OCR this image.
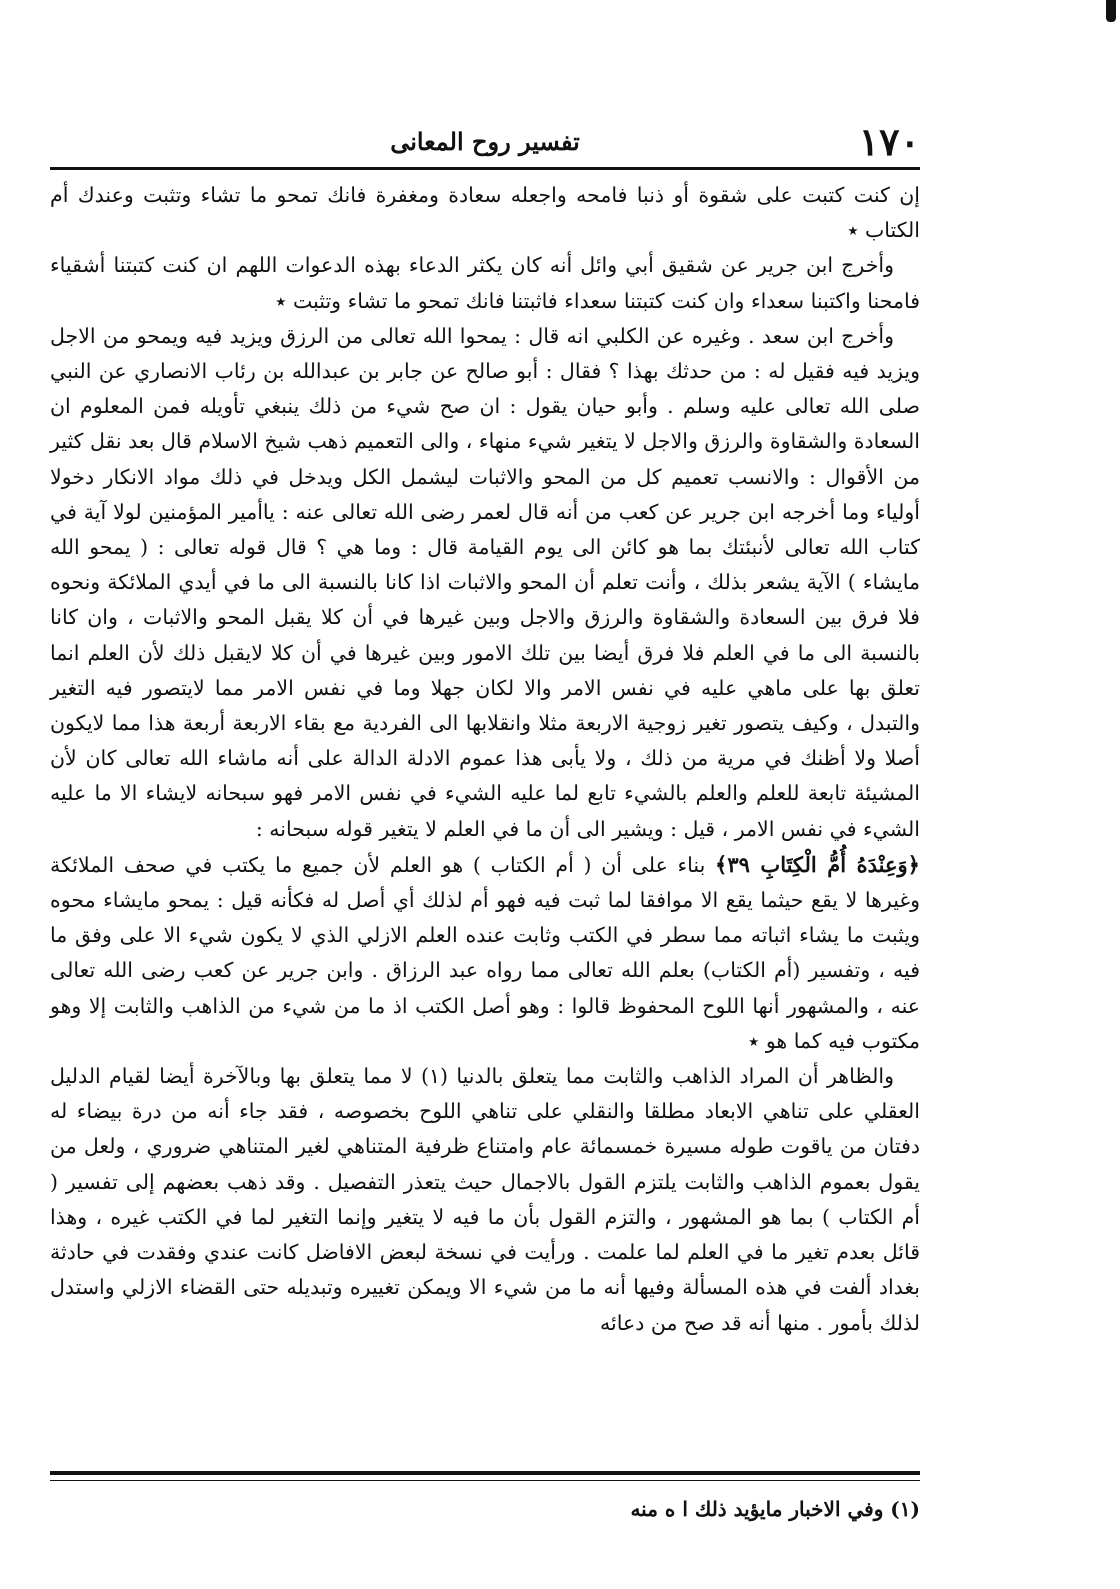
١٧٠
تفسير روح المعانى

إن كنت كتبت على شقوة أو ذنبا فامحه واجعله سعادة ومغفرة فانك تمحو ما تشاء وتثبت وعندك أم الكتاب ٭

وأخرج ابن جرير عن شقيق أبي وائل أنه كان يكثر الدعاء بهذه الدعوات اللهم ان كنت كتبتنا أشقياء فامحنا واكتبنا سعداء وان كنت كتبتنا سعداء فاثبتنا فانك تمحو ما تشاء وتثبت ٭

وأخرج ابن سعد . وغيره عن الكلبي انه قال : يمحوا الله تعالى من الرزق ويزيد فيه ويمحو من الاجل ويزيد فيه فقيل له : من حدثك بهذا ؟ فقال : أبو صالح عن جابر بن عبدالله بن رئاب الانصاري عن النبي صلى الله تعالى عليه وسلم . وأبو حيان يقول : ان صح شيء من ذلك ينبغي تأويله فمن المعلوم ان السعادة والشقاوة والرزق والاجل لا يتغير شيء منهاء ، والى التعميم ذهب شيخ الاسلام قال بعد نقل كثير من الأقوال : والانسب تعميم كل من المحو والاثبات ليشمل الكل ويدخل في ذلك مواد الانكار دخولا أولياء وما أخرجه ابن جرير عن كعب من أنه قال لعمر رضى الله تعالى عنه : ياأمير المؤمنين لولا آية في كتاب الله تعالى لأنبئتك بما هو كائن الى يوم القيامة قال : وما هي ؟ قال قوله تعالى : ( يمحو الله مايشاء ) الآية يشعر بذلك ، وأنت تعلم أن المحو والاثبات اذا كانا بالنسبة الى ما في أيدي الملائكة ونحوه فلا فرق بين السعادة والشقاوة والرزق والاجل وبين غيرها في أن كلا يقبل المحو والاثبات ، وان كانا بالنسبة الى ما في العلم فلا فرق أيضا بين تلك الامور وبين غيرها في أن كلا لايقبل ذلك لأن العلم انما تعلق بها على ماهي عليه في نفس الامر والا لكان جهلا وما في نفس الامر مما لايتصور فيه التغير والتبدل ، وكيف يتصور تغير زوجية الاربعة مثلا وانقلابها الى الفردية مع بقاء الاربعة أربعة هذا مما لايكون أصلا ولا أظنك في مرية من ذلك ، ولا يأبى هذا عموم الادلة الدالة على أنه ماشاء الله تعالى كان لأن المشيئة تابعة للعلم والعلم بالشيء تابع لما عليه الشيء في نفس الامر فهو سبحانه لايشاء الا ما عليه الشيء في نفس الامر ، قيل : ويشير الى أن ما في العلم لا يتغير قوله سبحانه :

﴿وَعِنْدَهُ أُمُّ الْكِتَابِ ٣٩﴾ بناء على أن ( أم الكتاب ) هو العلم لأن جميع ما يكتب في صحف الملائكة وغيرها لا يقع حيثما يقع الا موافقا لما ثبت فيه فهو أم لذلك أي أصل له فكأنه قيل : يمحو مايشاء محوه ويثبت ما يشاء اثباته مما سطر في الكتب وثابت عنده العلم الازلي الذي لا يكون شيء الا على وفق ما فيه ، وتفسير (أم الكتاب) بعلم الله تعالى مما رواه عبد الرزاق . وابن جرير عن كعب رضى الله تعالى عنه ، والمشهور أنها اللوح المحفوظ قالوا : وهو أصل الكتب اذ ما من شيء من الذاهب والثابت إلا وهو مكتوب فيه كما هو ٭

والظاهر أن المراد الذاهب والثابت مما يتعلق بالدنيا (١) لا مما يتعلق بها وبالآخرة أيضا لقيام الدليل العقلي على تناهي الابعاد مطلقا والنقلي على تناهي اللوح بخصوصه ، فقد جاء أنه من درة بيضاء له دفتان من ياقوت طوله مسيرة خمسمائة عام وامتناع ظرفية المتناهي لغير المتناهي ضروري ، ولعل من يقول بعموم الذاهب والثابت يلتزم القول بالاجمال حيث يتعذر التفصيل . وقد ذهب بعضهم إلى تفسير ( أم الكتاب ) بما هو المشهور ، والتزم القول بأن ما فيه لا يتغير وإنما التغير لما في الكتب غيره ، وهذا قائل بعدم تغير ما في العلم لما علمت . ورأيت في نسخة لبعض الافاضل كانت عندي وفقدت في حادثة بغداد ألفت في هذه المسألة وفيها أنه ما من شيء الا ويمكن تغييره وتبديله حتى القضاء الازلي واستدل لذلك بأمور . منها أنه قد صح من دعائه

(١) وفي الاخبار مايؤيد ذلك ا ه منه
